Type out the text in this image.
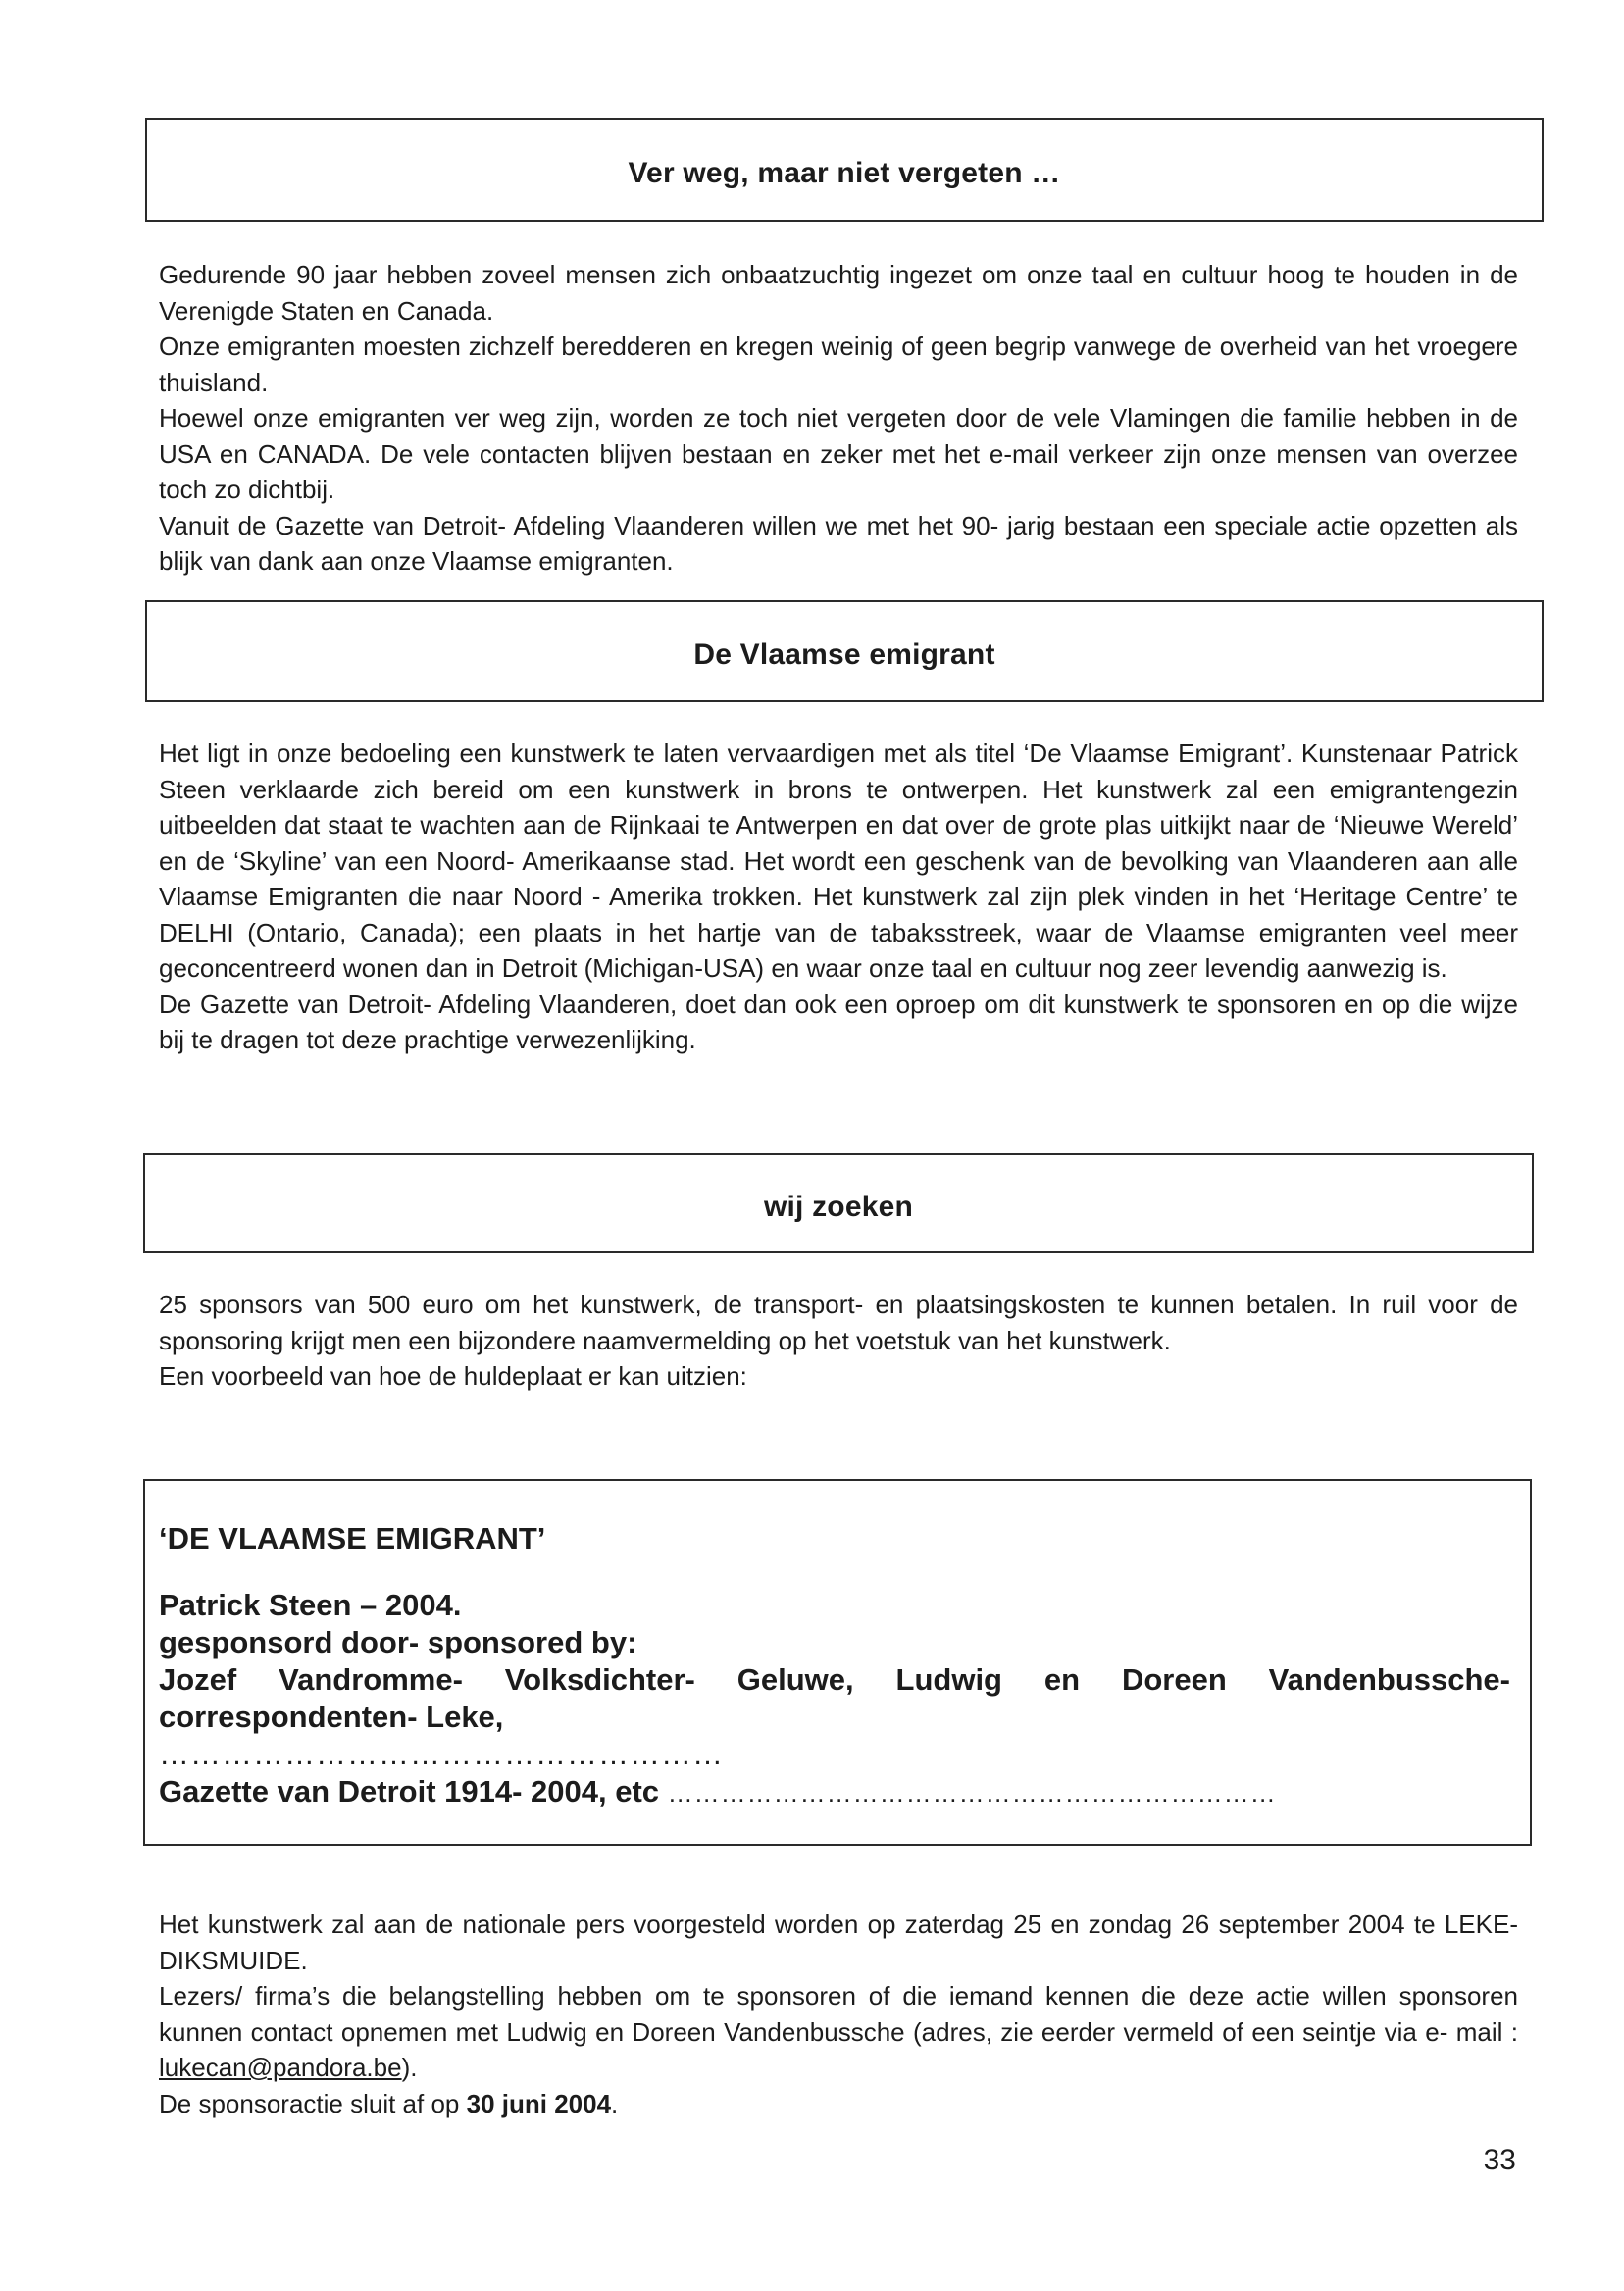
Ver weg, maar niet vergeten …

Gedurende 90 jaar hebben zoveel mensen zich onbaatzuchtig ingezet om onze taal en cultuur hoog te houden in de Verenigde Staten en Canada.

Onze emigranten moesten zichzelf beredderen en kregen weinig of geen begrip vanwege de overheid van het vroegere thuisland.

Hoewel onze emigranten ver weg zijn, worden ze toch niet vergeten door de vele Vlamingen die familie hebben in de USA en CANADA. De vele contacten blijven bestaan en zeker met het e-mail verkeer zijn onze mensen van overzee toch zo dichtbij.

Vanuit de Gazette van Detroit- Afdeling Vlaanderen willen we met het 90- jarig bestaan een speciale actie opzetten als blijk van dank aan onze Vlaamse emigranten.

De Vlaamse emigrant

Het ligt in onze bedoeling een kunstwerk te laten vervaardigen met als titel ‘De Vlaamse Emigrant’. Kunstenaar Patrick Steen verklaarde zich bereid om een kunstwerk in brons te ontwerpen. Het kunstwerk zal een emigrantengezin uitbeelden dat staat te wachten aan de Rijnkaai te Antwerpen en dat over de grote plas uitkijkt naar de ‘Nieuwe Wereld’ en de ‘Skyline’ van een Noord- Amerikaanse stad. Het wordt een geschenk van de bevolking van Vlaanderen aan alle Vlaamse Emigranten die naar Noord - Amerika trokken. Het kunstwerk zal zijn plek vinden in het ‘Heritage Centre’ te DELHI (Ontario, Canada); een plaats in het hartje van de tabaksstreek, waar de Vlaamse emigranten veel meer geconcentreerd wonen dan in Detroit (Michigan-USA) en waar onze taal en cultuur nog zeer levendig aanwezig is.

De Gazette van Detroit- Afdeling Vlaanderen, doet dan ook een oproep om dit kunstwerk te sponsoren en op die wijze bij te dragen tot deze prachtige verwezenlijking.

wij zoeken

25 sponsors van 500 euro om het kunstwerk, de transport- en plaatsingskosten te kunnen betalen. In ruil voor de sponsoring krijgt men een bijzondere naamvermelding op het voetstuk van het kunstwerk.

Een voorbeeld van hoe de huldeplaat er kan uitzien:

‘DE VLAAMSE EMIGRANT’
Patrick Steen – 2004.
gesponsord door- sponsored by:
Jozef Vandromme- Volksdichter- Geluwe, Ludwig en Doreen Vandenbussche-correspondenten- Leke,
………………………………………………
Gazette van Detroit 1914- 2004, etc ……………………………………………………………

Het kunstwerk zal aan de nationale pers voorgesteld worden op zaterdag 25 en zondag 26 september 2004 te LEKE- DIKSMUIDE.

Lezers/ firma’s die belangstelling hebben om te sponsoren of die iemand kennen die deze actie willen sponsoren kunnen contact opnemen met Ludwig en Doreen Vandenbussche (adres, zie eerder vermeld of een seintje via e- mail : lukecan@pandora.be).

De sponsoractie sluit af op 30 juni 2004.

33
